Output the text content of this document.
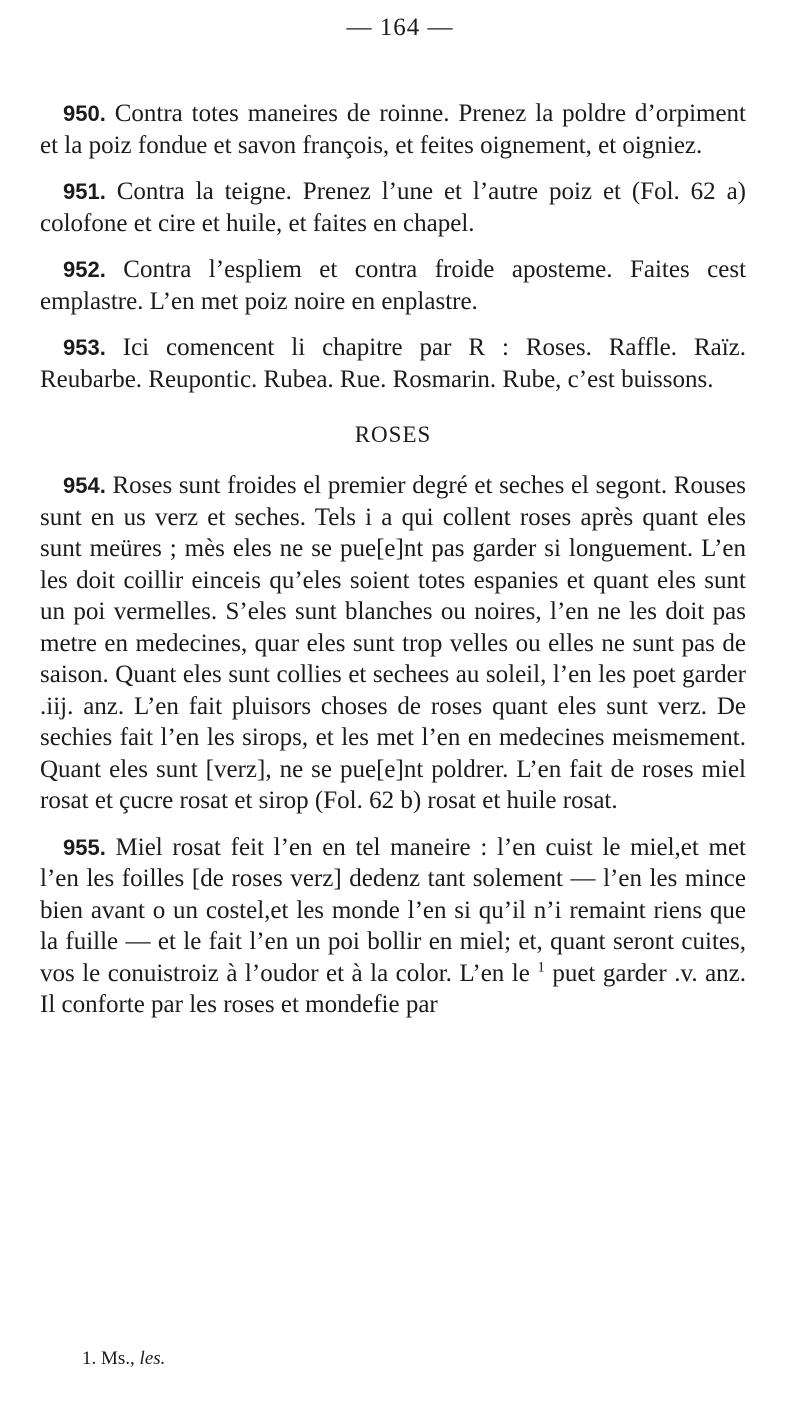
— 164 —

950. Contra totes maneires de roinne. Prenez la poldre d’orpiment et la poiz fondue et savon françois, et feites oignement, et oigniez.

951. Contra la teigne. Prenez l’une et l’autre poiz et (Fol. 62 a) colofone et cire et huile, et faites en chapel.

952. Contra l’espliem et contra froide aposteme. Faites cest emplastre. L’en met poiz noire en enplastre.

953. Ici comencent li chapitre par R : Roses. Raffle. Raïz. Reubarbe. Reupontic. Rubea. Rue. Rosmarin. Rube, c’est buissons.

ROSES

954. Roses sunt froides el premier degré et seches el segont. Rouses sunt en us verz et seches. Tels i a qui collent roses après quant eles sunt meüres ; mès eles ne se pue[e]nt pas garder si longuement. L’en les doit coillir einceis qu’eles soient totes espanies et quant eles sunt un poi vermelles. S’eles sunt blanches ou noires, l’en ne les doit pas metre en medecines, quar eles sunt trop velles ou elles ne sunt pas de saison. Quant eles sunt collies et sechees au soleil, l’en les poet garder .iij. anz. L’en fait pluisors choses de roses quant eles sunt verz. De sechies fait l’en les sirops, et les met l’en en medecines meismement. Quant eles sunt [verz], ne se pue[e]nt poldrer. L’en fait de roses miel rosat et çucre rosat et sirop (Fol. 62 b) rosat et huile rosat.

955. Miel rosat feit l’en en tel maneire : l’en cuist le miel,et met l’en les foilles [de roses verz] dedenz tant solement — l’en les mince bien avant o un costel,et les monde l’en si qu’il n’i remaint riens que la fuille — et le fait l’en un poi bollir en miel; et, quant seront cuites, vos le conuistroiz à l’oudor et à la color. L’en le $^1$ puet garder .v. anz. Il conforte par les roses et mondefie par

1. Ms., les.
